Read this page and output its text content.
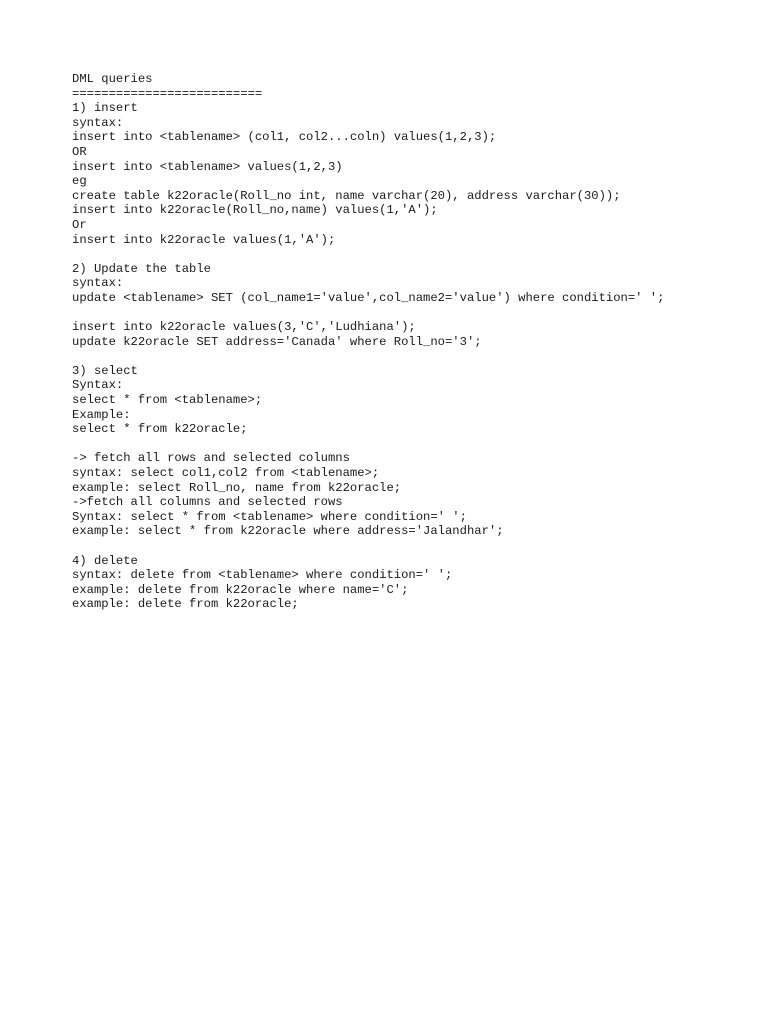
DML queries
==========================
1) insert
syntax:
insert into <tablename> (col1, col2...coln) values(1,2,3);
OR
insert into <tablename> values(1,2,3)
eg
create table k22oracle(Roll_no int, name varchar(20), address varchar(30));
insert into k22oracle(Roll_no,name) values(1,'A');
Or
insert into k22oracle values(1,'A');
2) Update the table
syntax:
update <tablename> SET (col_name1='value',col_name2='value') where condition=' ';
insert into k22oracle values(3,'C','Ludhiana');
update k22oracle SET address='Canada' where Roll_no='3';
3) select
Syntax:
select * from <tablename>;
Example:
select * from k22oracle;
-> fetch all rows and selected columns
syntax: select col1,col2 from <tablename>;
example: select Roll_no, name from k22oracle;
->fetch all columns and selected rows
Syntax: select * from <tablename> where condition=' ';
example: select * from k22oracle where address='Jalandhar';
4) delete
syntax: delete from <tablename> where condition=' ';
example: delete from k22oracle where name='C';
example: delete from k22oracle;
